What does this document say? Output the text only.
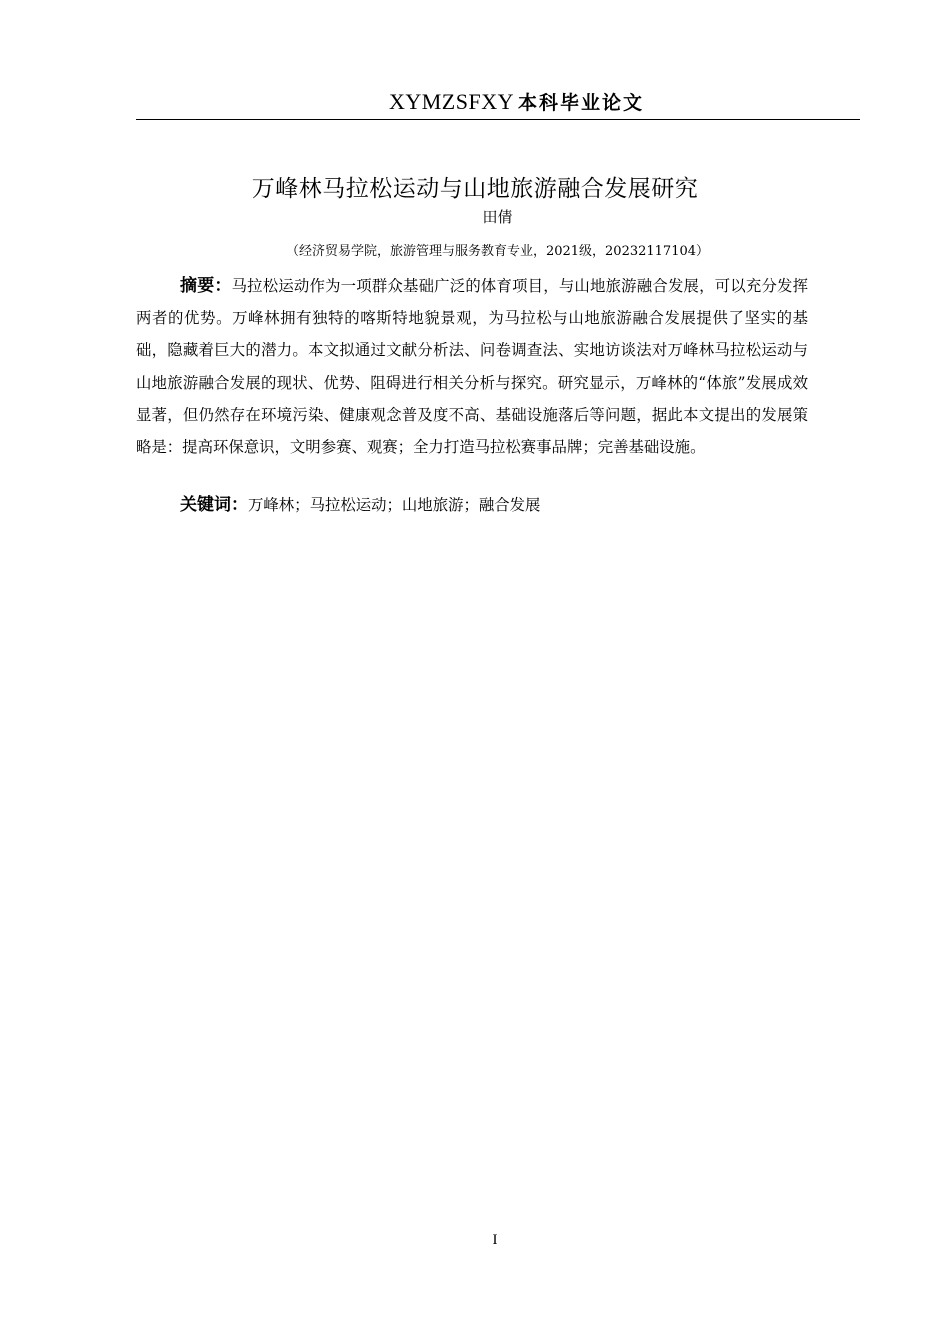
XYMZSFXY 本科毕业论文
万峰林马拉松运动与山地旅游融合发展研究
田倩
（经济贸易学院，旅游管理与服务教育专业，2021级，20232117104）

摘要：马拉松运动作为一项群众基础广泛的体育项目，与山地旅游融合发展，可以充分发挥两者的优势。万峰林拥有独特的喀斯特地貌景观，为马拉松与山地旅游融合发展提供了坚实的基础，隐藏着巨大的潜力。本文拟通过文献分析法、问卷调查法、实地访谈法对万峰林马拉松运动与山地旅游融合发展的现状、优势、阻碍进行相关分析与探究。研究显示，万峰林的“体旅”发展成效显著，但仍然存在环境污染、健康观念普及度不高、基础设施落后等问题，据此本文提出的发展策略是：提高环保意识，文明参赛、观赛；全力打造马拉松赛事品牌；完善基础设施。

关键词：万峰林；马拉松运动；山地旅游；融合发展
I
